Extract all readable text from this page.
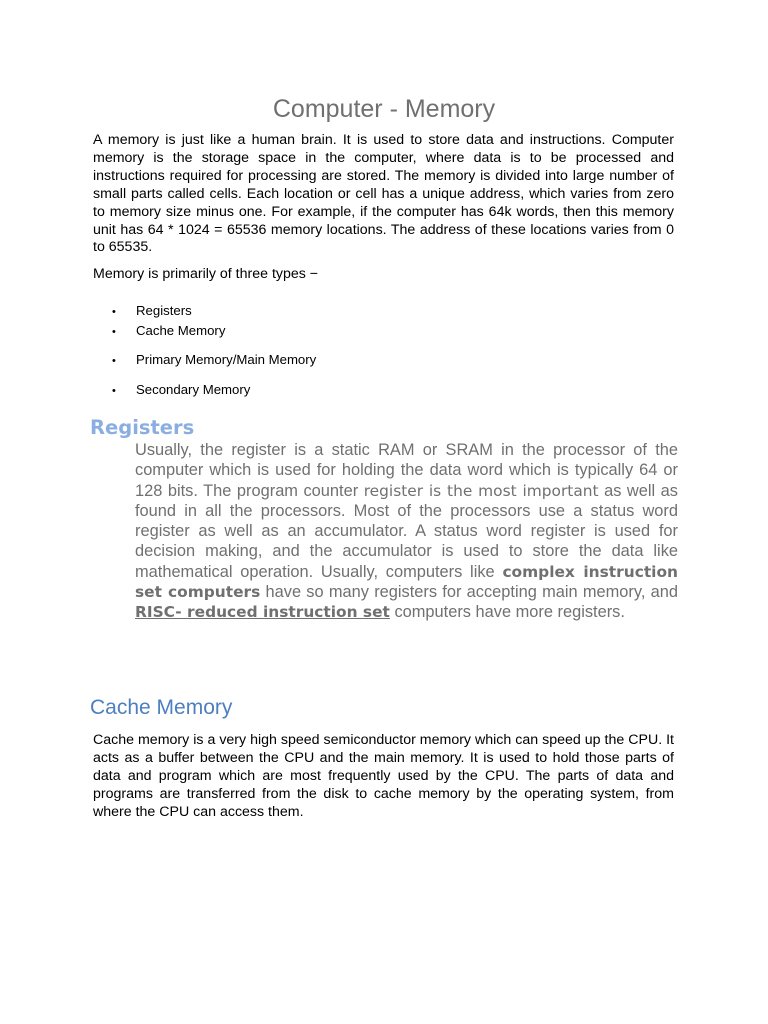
Computer - Memory

A memory is just like a human brain. It is used to store data and instructions. Computer memory is the storage space in the computer, where data is to be processed and instructions required for processing are stored. The memory is divided into large number of small parts called cells. Each location or cell has a unique address, which varies from zero to memory size minus one. For example, if the computer has 64k words, then this memory unit has 64 * 1024 = 65536 memory locations. The address of these locations varies from 0 to 65535.

Memory is primarily of three types −

• Registers
• Cache Memory
• Primary Memory/Main Memory
• Secondary Memory
Registers

Usually, the register is a static RAM or SRAM in the processor of the computer which is used for holding the data word which is typically 64 or 128 bits. The program counter register is the most important as well as found in all the processors. Most of the processors use a status word register as well as an accumulator. A status word register is used for decision making, and the accumulator is used to store the data like mathematical operation. Usually, computers like complex instruction set computers have so many registers for accepting main memory, and RISC- reduced instruction set computers have more registers.

Cache Memory

Cache memory is a very high speed semiconductor memory which can speed up the CPU. It acts as a buffer between the CPU and the main memory. It is used to hold those parts of data and program which are most frequently used by the CPU. The parts of data and programs are transferred from the disk to cache memory by the operating system, from where the CPU can access them.
